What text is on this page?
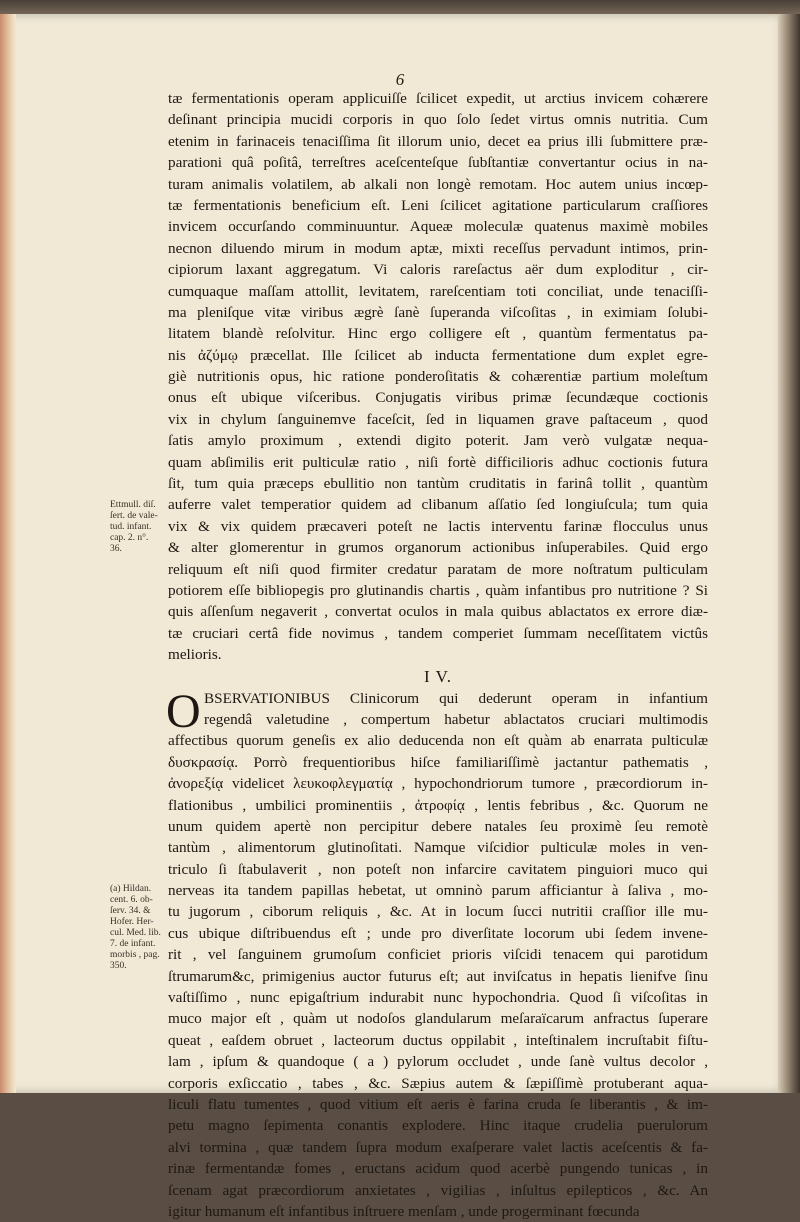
6
tæ fermentationis operam applicuiſſe ſcilicet expedit, ut arctius invicem cohærere
deſinant principia mucidi corporis in quo ſolo ſedet virtus omnis nutritia. Cum
etenim in farinaceis tenaciſſima ſit illorum unio, decet ea prius illi ſubmittere præ-
parationi quâ poſitâ, terreſtres aceſcenteſque ſubſtantiæ convertantur ocius in na-
turam animalis volatilem, ab alkali non longè remotam. Hoc autem unius incœp-
tæ fermentationis beneficium eſt. Leni ſcilicet agitatione particularum craſſiores
invicem occurſando comminuuntur. Aqueæ moleculæ quatenus maximè mobiles
necnon diluendo mirum in modum aptæ, mixti receſſus pervadunt intimos, prin-
cipiorum laxant aggregatum. Vi caloris rareſactus aër dum exploditur , cir-
cumquaque maſſam attollit, levitatem, rareſcentiam toti conciliat, unde tenaciſſi-
ma pleniſque vitæ viribus ægrè ſanè ſuperanda viſcoſitas , in eximiam ſolubi-
litatem blandè reſolvitur. Hinc ergo colligere eſt , quantùm fermentatus pa-
nis ἀζύμῳ præcellat. Ille ſcilicet ab inducta fermentatione dum explet egre-
giè nutritionis opus, hic ratione ponderoſitatis & cohærentiæ partium moleſtum
onus eſt ubique viſceribus. Conjugatis viribus primæ ſecundæque coctionis
vix in chylum ſanguinemve faceſcit, ſed in liquamen grave paſtaceum , quod
ſatis amylo proximum , extendi digito poterit. Jam verò vulgatæ nequa-
quam abſimilis erit pulticulæ ratio , niſi fortè difficilioris adhuc coctionis futura
ſit, tum quia præceps ebullitio non tantùm cruditatis in farinâ tollit , quantùm
auferre valet temperatior quidem ad clibanum aſſatio ſed longiuſcula; tum quia
vix & vix quidem præcaveri poteſt ne lactis interventu farinæ flocculus unus
& alter glomerentur in grumos organorum actionibus inſuperabiles. Quid ergo
reliquum eſt niſi quod firmiter credatur paratam de more noſtratum pulticulam
potiorem eſſe bibliopegis pro glutinandis chartis , quàm infantibus pro nutritione ? Si
quis aſſenſum negaverit , convertat oculos in mala quibus ablactatos ex errore diæ-
tæ cruciari certâ fide novimus , tandem comperiet ſummam neceſſitatem victûs
melioris.
I V.
O BSERVATIONIBUS Clinicorum qui dederunt operam in infantium
regendâ valetudine , compertum habetur ablactatos cruciari multimodis
affectibus quorum geneſis ex alio deducenda non eſt quàm ab enarrata pulticulæ
δυσκρασίᾳ. Porrò frequentioribus hiſce familiariſſimè jactantur pathematis ,
ἀνορεξίᾳ videlicet λευκοφλεγματίᾳ , hypochondriorum tumore , præcordiorum in-
flationibus , umbilici prominentiis , ἀτροφίᾳ , lentis febribus , &c. Quorum ne
unum quidem apertè non percipitur debere natales ſeu proximè ſeu remotè
tantùm , alimentorum glutinoſitati. Namque viſcidior pulticulæ moles in ven-
triculo ſi ſtabulaverit , non poteſt non infarcire cavitatem pinguiori muco qui
nerveas ita tandem papillas hebetat, ut omninò parum afficiantur à ſaliva , mo-
tu jugorum , ciborum reliquis , &c. At in locum ſucci nutritii craſſior ille mu-
cus ubique diſtribuendus eſt ; unde pro diverſitate locorum ubi ſedem invene-
rit , vel ſanguinem grumoſum conficiet prioris viſcidi tenacem qui parotidum
ſtrumarum&c, primigenius auctor futurus eſt; aut inviſcatus in hepatis lienifve ſinu
vaſtiſſimo , nunc epigaſtrium indurabit nunc hypochondria. Quod ſi viſcoſitas in
muco major eſt , quàm ut nodoſos glandularum meſaraïcarum anfractus ſuperare
queat , eaſdem obruet , lacteorum ductus oppilabit , inteſtinalem incruſtabit fiſtu-
lam , ipſum & quandoque ( a ) pylorum occludet , unde ſanè vultus decolor ,
corporis exſiccatio , tabes , &c. Sæpius autem & ſæpiſſimè protuberant aqua-
liculi flatu tumentes , quod vitium eſt aeris è farina cruda ſe liberantis , & im-
petu magno ſepimenta conantis explodere. Hinc itaque crudelia puerulorum
alvi tormina , quæ tandem ſupra modum exaſperare valet lactis aceſcentis & fa-
rinæ fermentandæ fomes , eructans acidum quod acerbè pungendo tunicas , in
ſcenam agat præcordiorum anxietates , vigilias , inſultus epilepticos , &c. An
igitur humanum eſt infantibus inſtruere menſam , unde progerminant fœcunda
Ettmull. diſ.
ſert. de vale-
tud. infant.
cap. 2. n°.
36.
(a) Hildan.
cent. 6. ob-
ſerv. 34. &
Hofer. Her-
cul. Med. lib.
7. de infant.
morbis , pag.
350.
